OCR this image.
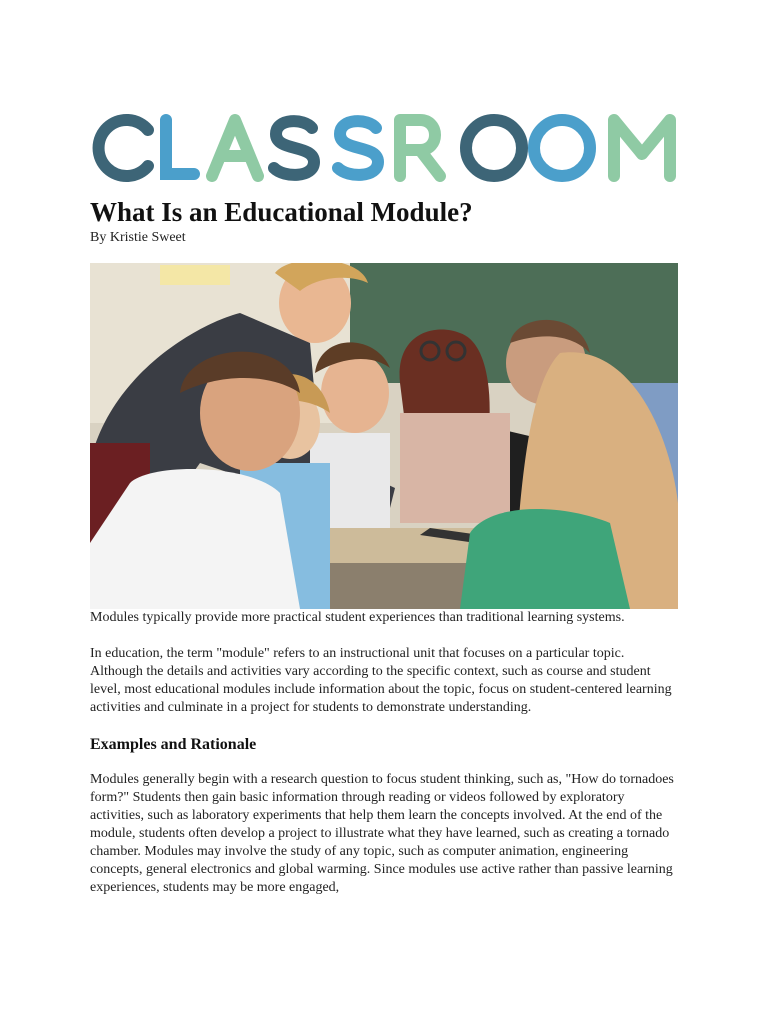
What Is an Educational Module?
By Kristie Sweet
Modules typically provide more practical student experiences than traditional learning systems.

In education, the term "module" refers to an instructional unit that focuses on a particular topic. Although the details and activities vary according to the specific context, such as course and student level, most educational modules include information about the topic, focus on student-centered learning activities and culminate in a project for students to demonstrate understanding.

Examples and Rationale

Modules generally begin with a research question to focus student thinking, such as, "How do tornadoes form?" Students then gain basic information through reading or videos followed by exploratory activities, such as laboratory experiments that help them learn the concepts involved. At the end of the module, students often develop a project to illustrate what they have learned, such as creating a tornado chamber. Modules may involve the study of any topic, such as computer animation, engineering concepts, general electronics and global warming. Since modules use active rather than passive learning experiences, students may be more engaged,
